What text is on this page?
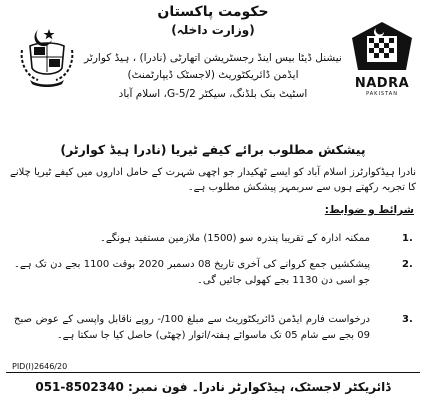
NADRA
PAKISTAN
حکومت پاکستان
(وزارت داخلہ)
نیشنل ڈیٹا بیس اینڈ رجسٹریشن اتھارٹی (نادرا) ، ہیڈ کوارٹر
ایڈمن ڈائریکٹوریٹ (لاجسٹک ڈیپارٹمنٹ)
اسٹیٹ بنک بلڈنگ، سیکٹر G-5/2، اسلام آباد
پیشکش مطلوب برائے کیفے ٹیریا (نادرا ہیڈ کوارٹر)
نادرا ہیڈکوارٹرز اسلام آباد کو ایسے ٹھکیدار جو اچھی شہرت کے حامل اداروں میں کیفے ٹیریا چلانے کا تجربہ رکھتے ہوں سے سربمہر پیشکش مطلوب ہے۔
شرائط و ضوابط:
1.
ممکنہ ادارہ کے تقریبا پندرہ سو (1500) ملازمین مستفید ہونگے۔
2.
پیشکشیں جمع کروانے کی آخری تاریخ 08 دسمبر 2020 بوقت 1100 بجے دن تک ہے۔ جو اسی دن 1130 بجے کھولی جائیں گی۔
3.
درخواست فارم ایڈمن ڈائریکٹوریٹ سے مبلغ 100/- روپے ناقابل واپسی کے عوض صبح 09 بجے سے شام 05 تک ماسوائے ہفتہ/اتوار (چھٹی) حاصل کیا جا سکتا ہے۔
PID(I)2646/20
ڈائریکٹر لاجسٹک، ہیڈکوارٹر نادرا۔ فون نمبر: 051-8502340
